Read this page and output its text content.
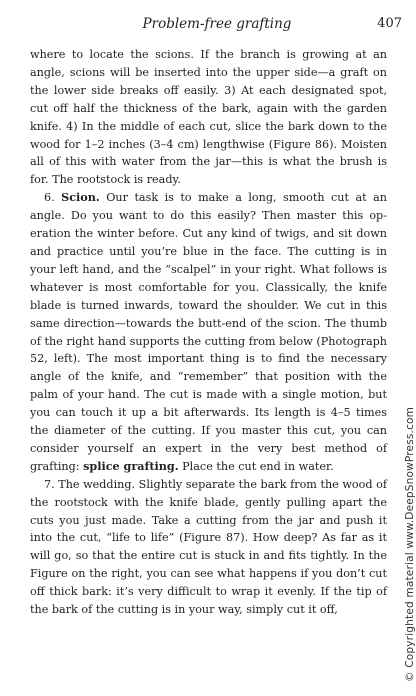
Problem-free grafting	407

where to locate the scions. If the branch is growing at an angle, scions will be inserted into the upper side—a graft on the lower side breaks off easily. 3) At each designated spot, cut off half the thickness of the bark, again with the garden knife. 4) In the middle of each cut, slice the bark down to the wood for 1–2 inches (3–4 cm) lengthwise (Figure 86). Moisten all of this with water from the jar—this is what the brush is for. The rootstock is ready.

6. Scion. Our task is to make a long, smooth cut at an angle. Do you want to do this easily? Then master this operation the winter before. Cut any kind of twigs, and sit down and practice until you’re blue in the face. The cutting is in your left hand, and the “scalpel” in your right. What follows is whatever is most comfortable for you. Classically, the knife blade is turned inwards, toward the shoulder. We cut in this same direction—towards the butt-end of the scion. The thumb of the right hand supports the cutting from below (Photograph 52, left). The most important thing is to find the necessary angle of the knife, and “remember” that position with the palm of your hand. The cut is made with a single motion, but you can touch it up a bit afterwards. Its length is 4–5 times the diameter of the cutting. If you master this cut, you can consider yourself an expert in the very best method of grafting: splice grafting. Place the cut end in water.

7. The wedding. Slightly separate the bark from the wood of the rootstock with the knife blade, gently pulling apart the cuts you just made. Take a cutting from the jar and push it into the cut, “life to life” (Figure 87). How deep? As far as it will go, so that the entire cut is stuck in and fits tightly. In the Figure on the right, you can see what happens if you don’t cut off thick bark: it’s very difficult to wrap it evenly. If the tip of the bark of the cutting is in your way, simply cut it off,	© Copyrighted material www.DeepSnowPress.com
